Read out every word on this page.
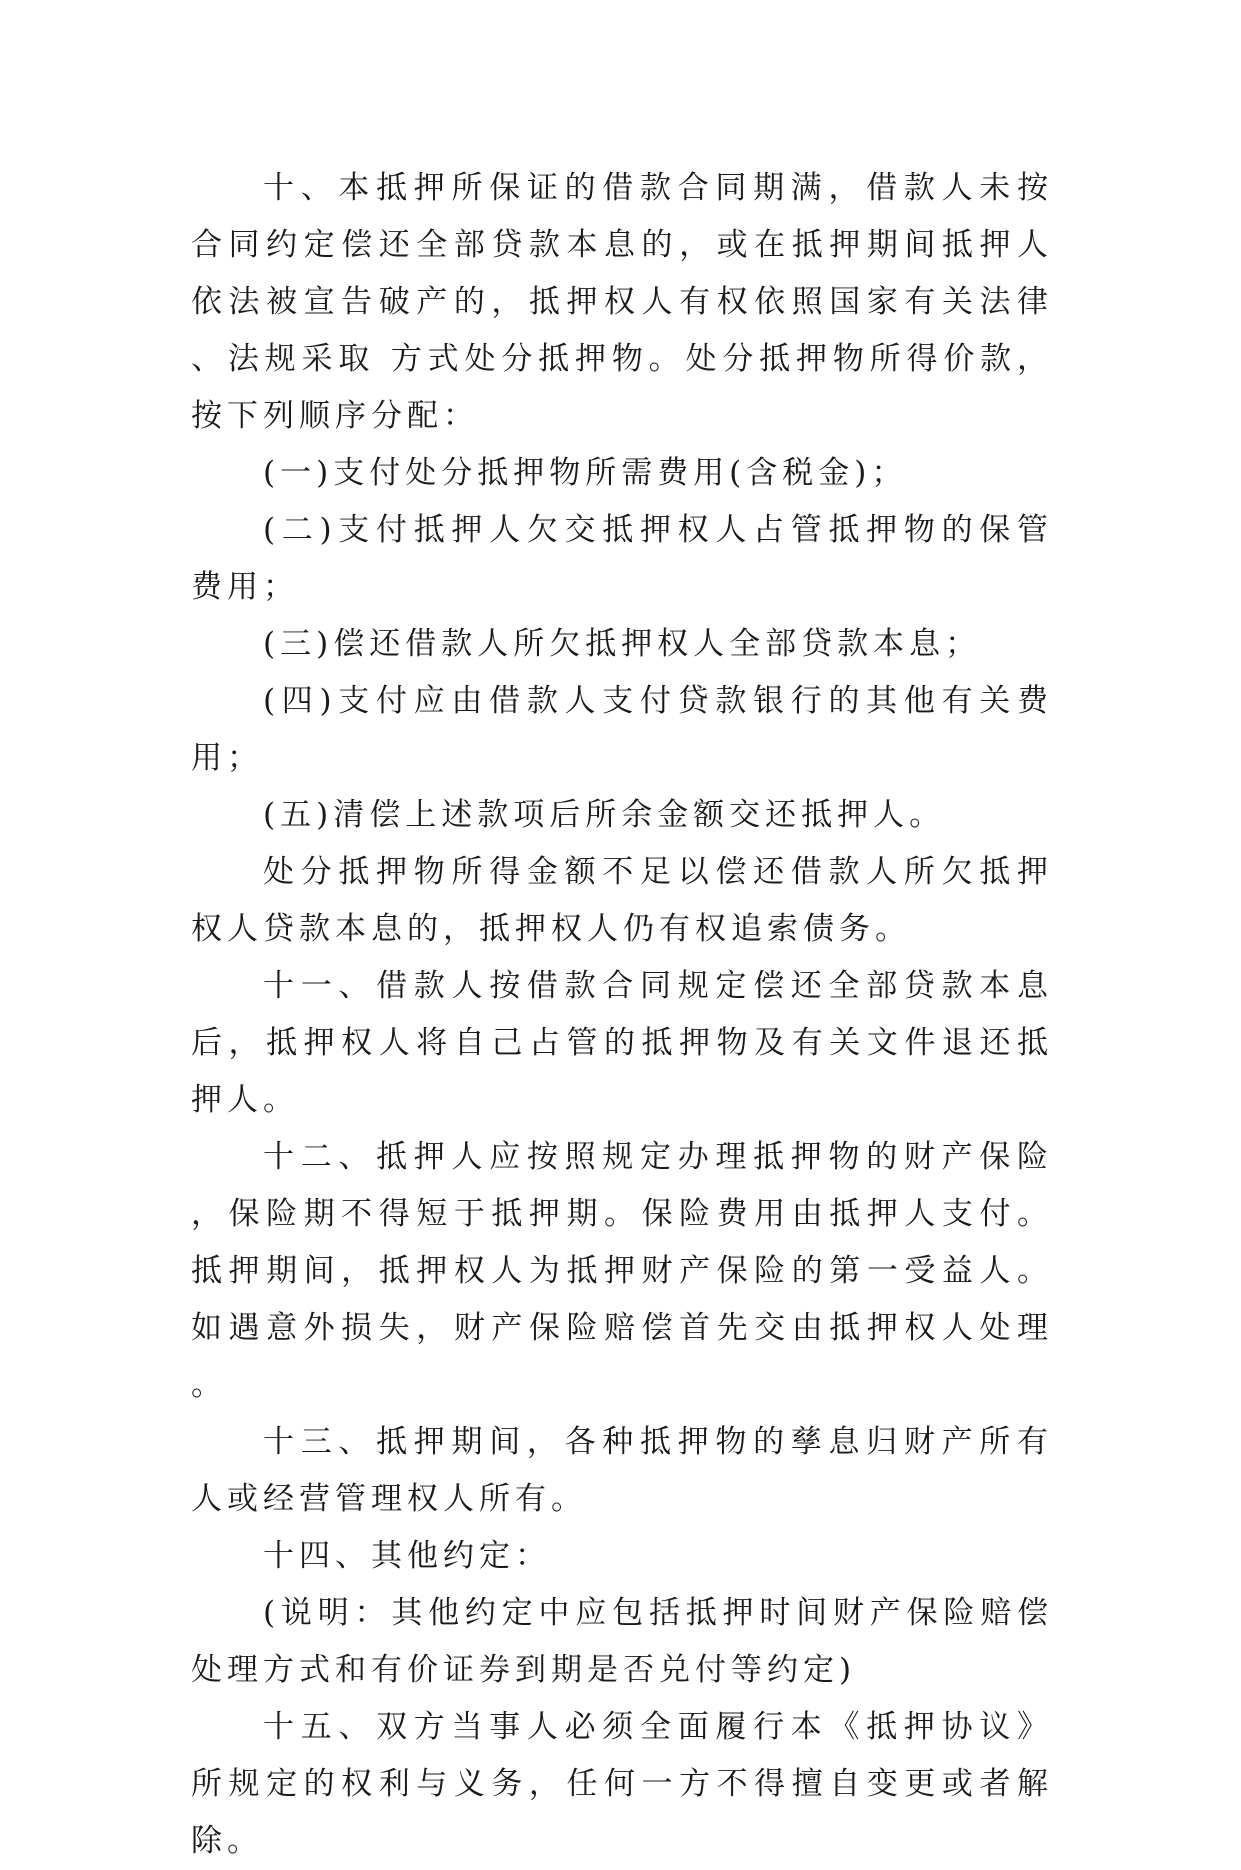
十、本抵押所保证的借款合同期满，借款人未按合同约定偿还全部贷款本息的，或在抵押期间抵押人依法被宣告破产的，抵押权人有权依照国家有关法律、法规采取 方式处分抵押物。处分抵押物所得价款，按下列顺序分配：

(一)支付处分抵押物所需费用(含税金)；

(二)支付抵押人欠交抵押权人占管抵押物的保管费用；

(三)偿还借款人所欠抵押权人全部贷款本息；

(四)支付应由借款人支付贷款银行的其他有关费用；

(五)清偿上述款项后所余金额交还抵押人。

处分抵押物所得金额不足以偿还借款人所欠抵押权人贷款本息的，抵押权人仍有权追索债务。

十一、借款人按借款合同规定偿还全部贷款本息后，抵押权人将自己占管的抵押物及有关文件退还抵押人。

十二、抵押人应按照规定办理抵押物的财产保险，保险期不得短于抵押期。保险费用由抵押人支付。抵押期间，抵押权人为抵押财产保险的第一受益人。如遇意外损失，财产保险赔偿首先交由抵押权人处理。

十三、抵押期间，各种抵押物的孳息归财产所有人或经营管理权人所有。

十四、其他约定：

(说明：其他约定中应包括抵押时间财产保险赔偿处理方式和有价证券到期是否兑付等约定)

十五、双方当事人必须全面履行本《抵押协议》所规定的权利与义务，任何一方不得擅自变更或者解除。
